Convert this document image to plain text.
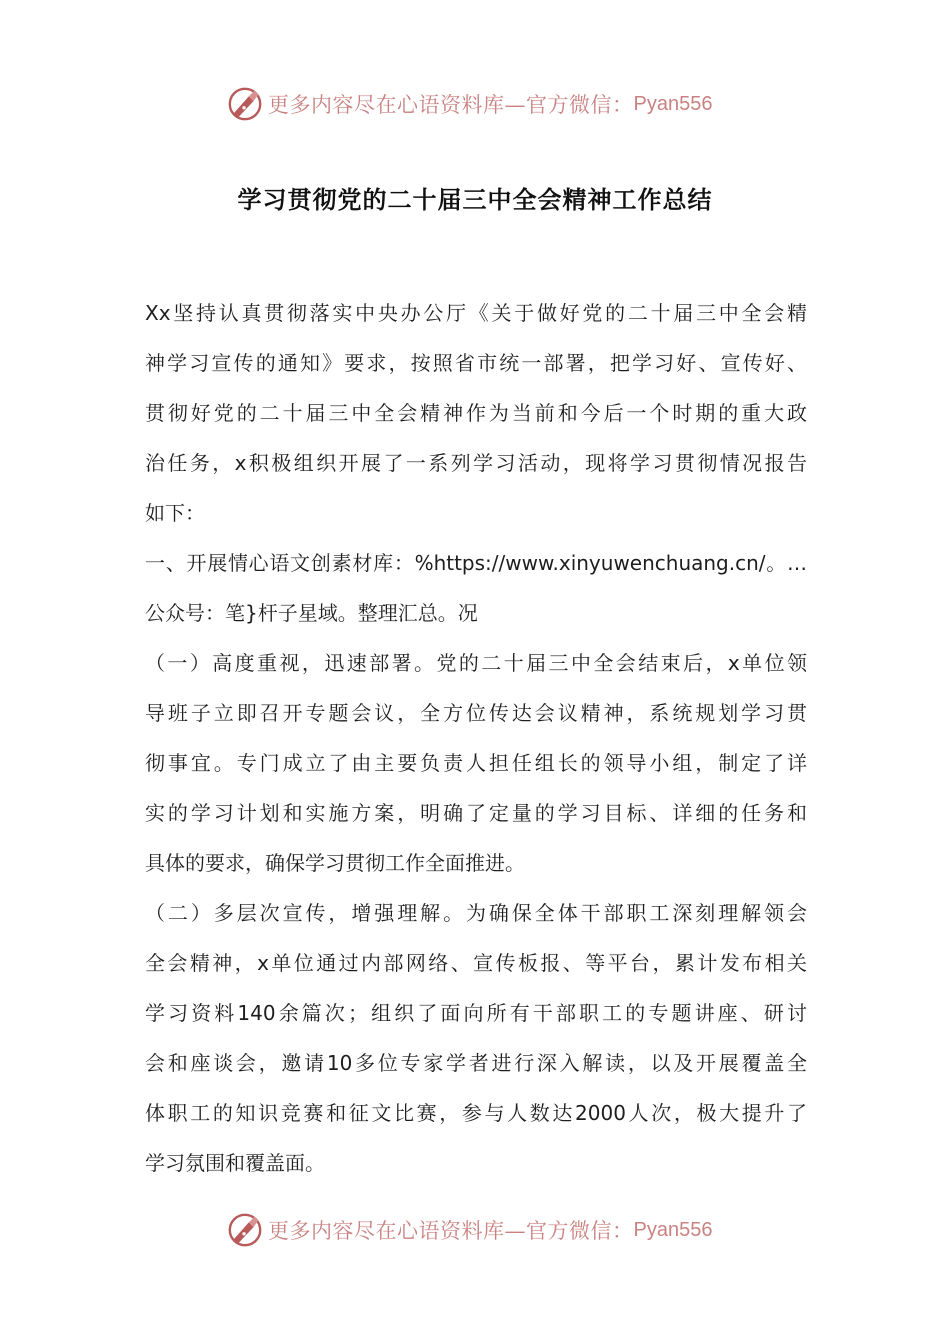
更多内容尽在心语资料库—官方微信： Pyan556
学习贯彻党的二十届三中全会精神工作总结
Xx坚持认真贯彻落实中央办公厅《关于做好党的二十届三中全会精
神学习宣传的通知》要求，按照省市统一部署，把学习好、宣传好、
贯彻好党的二十届三中全会精神作为当前和今后一个时期的重大政
治任务，x积极组织开展了一系列学习活动，现将学习贯彻情况报告
如下：
一、开展情心语文创素材库：%https://www.xinyuwenchuang.cn/。…
公众号：笔}杆子星域。整理汇总。况
（一）高度重视，迅速部署。党的二十届三中全会结束后，x单位领
导班子立即召开专题会议，全方位传达会议精神，系统规划学习贯
彻事宜。专门成立了由主要负责人担任组长的领导小组，制定了详
实的学习计划和实施方案，明确了定量的学习目标、详细的任务和
具体的要求，确保学习贯彻工作全面推进。
（二）多层次宣传，增强理解。为确保全体干部职工深刻理解领会
全会精神，x单位通过内部网络、宣传板报、等平台，累计发布相关
学习资料140余篇次；组织了面向所有干部职工的专题讲座、研讨
会和座谈会，邀请10多位专家学者进行深入解读，以及开展覆盖全
体职工的知识竞赛和征文比赛，参与人数达2000人次，极大提升了
学习氛围和覆盖面。
更多内容尽在心语资料库—官方微信： Pyan556
